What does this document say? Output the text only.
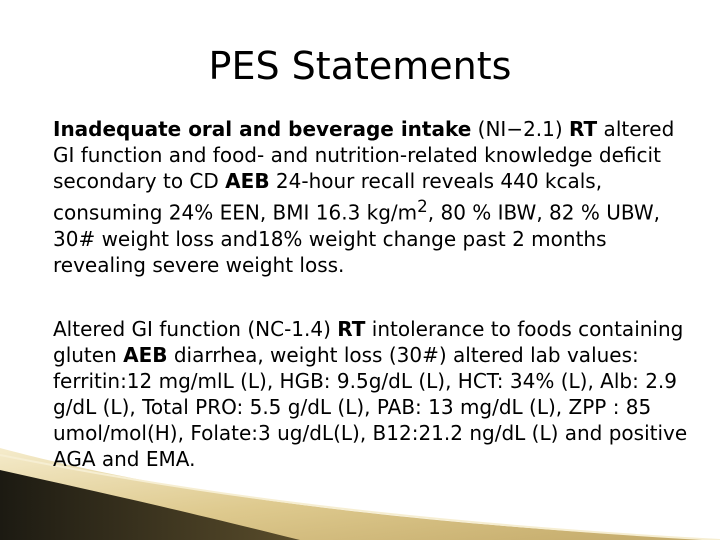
PES Statements

Inadequate oral and beverage intake (NI−2.1) RT altered GI function and food- and nutrition-related knowledge deficit secondary to CD AEB 24-hour recall reveals 440 kcals, consuming 24% EEN, BMI 16.3 $kg/m^2$, 80 % IBW, 82 % UBW, 30# weight loss and18% weight change past 2 months revealing severe weight loss.

Altered GI function (NC-1.4) RT intolerance to foods containing gluten AEB diarrhea, weight loss (30#) altered lab values: ferritin:12 mg/mlL (L), HGB: 9.5g/dL (L), HCT: 34% (L), Alb: 2.9 g/dL (L), Total PRO: 5.5 g/dL (L), PAB: 13 mg/dL (L), ZPP : 85 umol/mol(H), Folate:3 ug/dL(L), B12:21.2 ng/dL (L) and positive AGA and EMA.
